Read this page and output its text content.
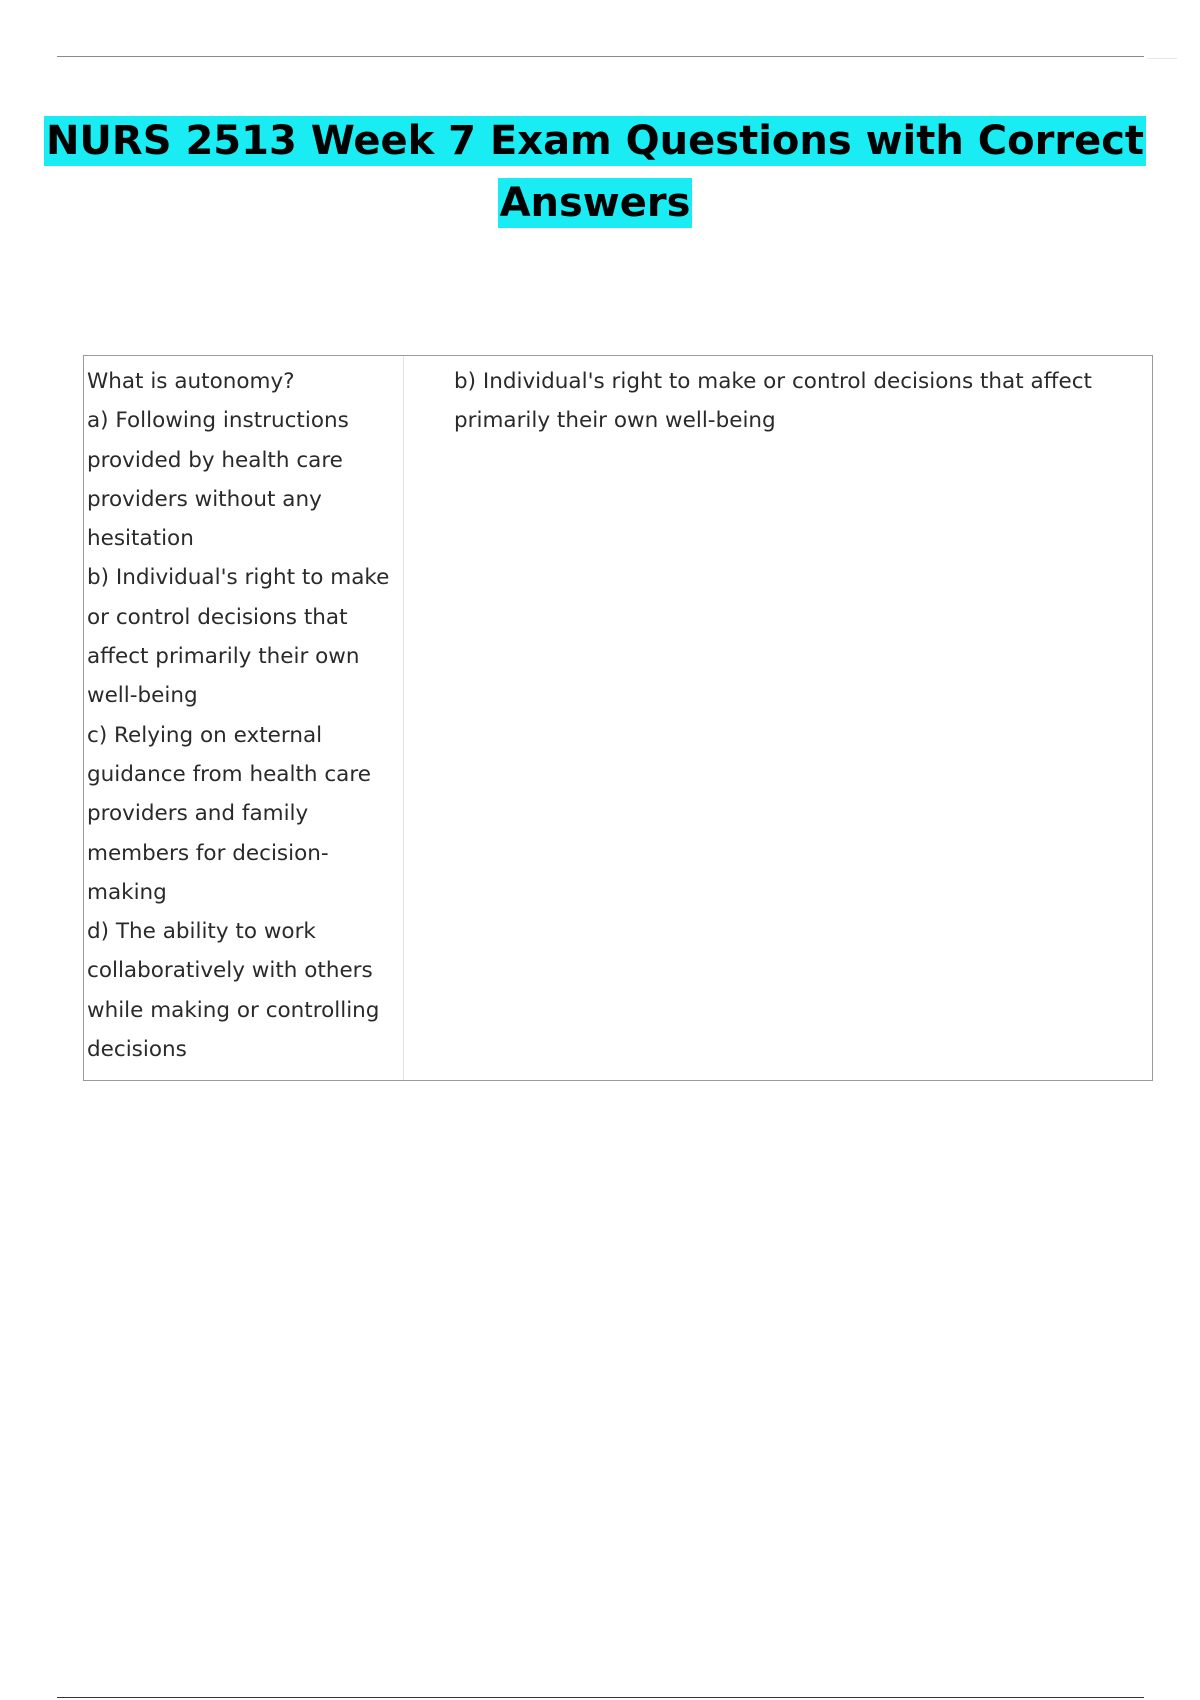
NURS 2513 Week 7 Exam Questions with Correct
Answers

What is autonomy?

a) Following instructions provided by health care providers without any hesitation

b) Individual's right to make or control decisions that affect primarily their own well-being

c) Relying on external guidance from health care providers and family members for decision-making

d) The ability to work collaboratively with others while making or controlling decisions

b) Individual's right to make or control decisions that affect primarily their own well-being
